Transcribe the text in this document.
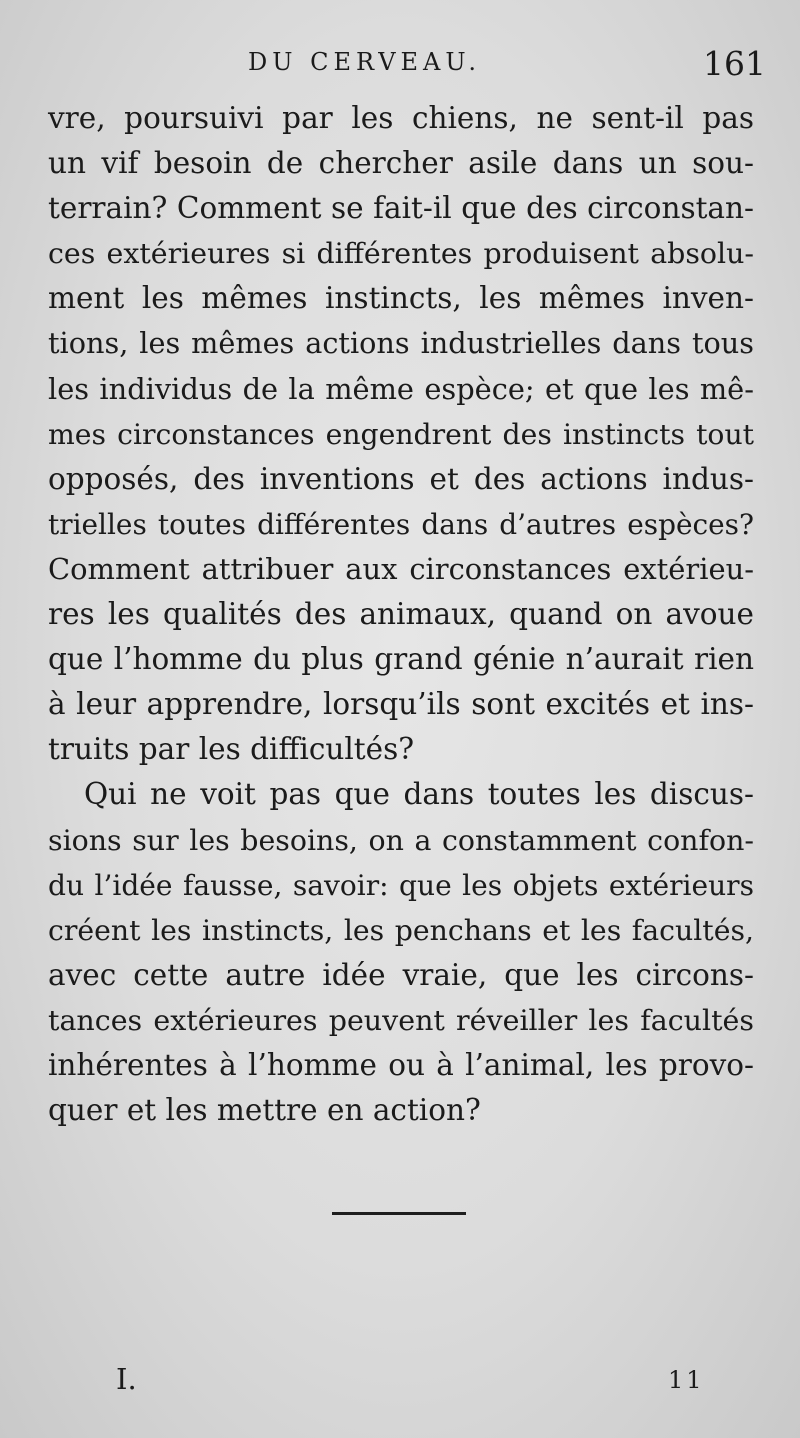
DU CERVEAU.	161
vre, poursuivi par les chiens, ne sent-il pas
un vif besoin de chercher asile dans un sou-
terrain? Comment se fait-il que des circonstan-
ces extérieures si différentes produisent absolu-
ment les mêmes instincts, les mêmes inven-
tions, les mêmes actions industrielles dans tous
les individus de la même espèce; et que les mê-
mes circonstances engendrent des instincts tout
opposés, des inventions et des actions indus-
trielles toutes différentes dans d’autres espèces?
Comment attribuer aux circonstances extérieu-
res les qualités des animaux, quand on avoue
que l’homme du plus grand génie n’aurait rien
à leur apprendre, lorsqu’ils sont excités et ins-
truits par les difficultés?
Qui ne voit pas que dans toutes les discus-
sions sur les besoins, on a constamment confon-
du l’idée fausse, savoir: que les objets extérieurs
créent les instincts, les penchans et les facultés,
avec cette autre idée vraie, que les circons-
tances extérieures peuvent réveiller les facultés
inhérentes à l’homme ou à l’animal, les provo-
quer et les mettre en action?
I.	11
